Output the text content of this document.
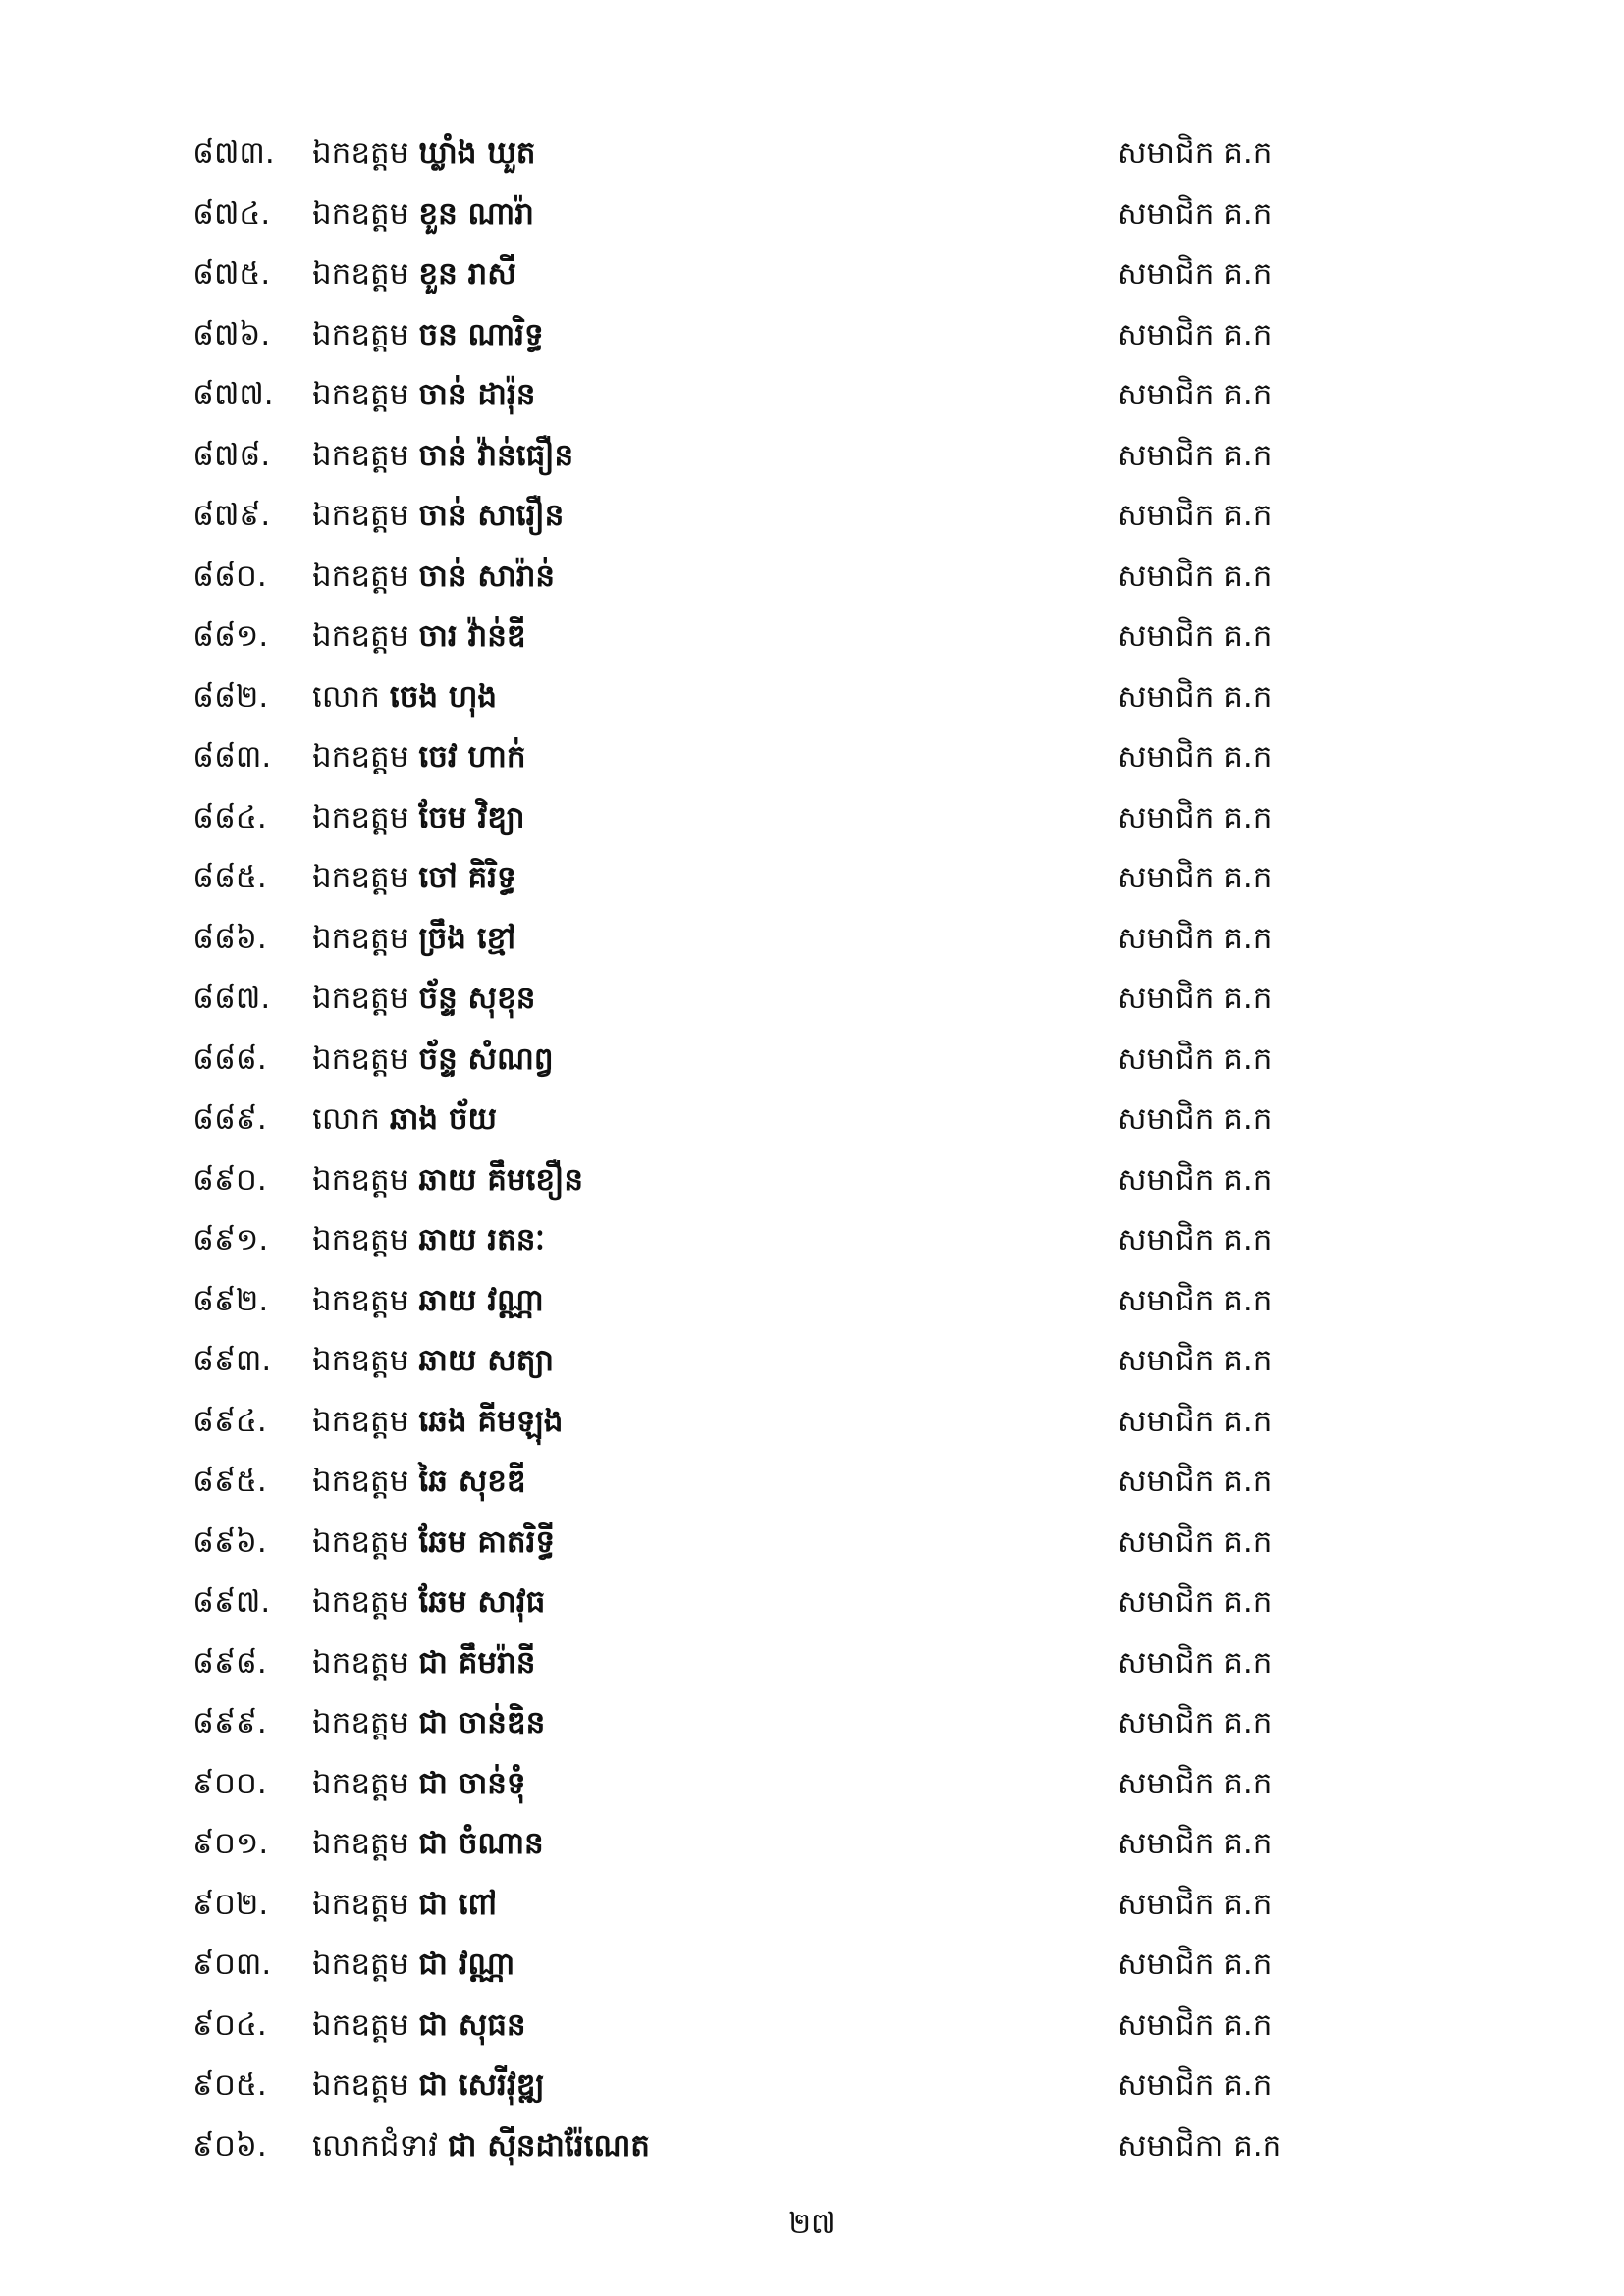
៨៧៣. ឯកឧត្តម ឃ្លាំង ឃួត	សមាជិក គ.ក
៨៧៤. ឯកឧត្តម ខួន ណារ៉ា	សមាជិក គ.ក
៨៧៥. ឯកឧត្តម ខួន រាសី	សមាជិក គ.ក
៨៧៦. ឯកឧត្តម ចន ណារិទ្ធ	សមាជិក គ.ក
៨៧៧. ឯកឧត្តម ចាន់ ដារ៉ុន	សមាជិក គ.ក
៨៧៨. ឯកឧត្តម ចាន់ វ៉ាន់ធឿន	សមាជិក គ.ក
៨៧៩. ឯកឧត្តម ចាន់ សារឿន	សមាជិក គ.ក
៨៨០. ឯកឧត្តម ចាន់ សារ៉ាន់	សមាជិក គ.ក
៨៨១. ឯកឧត្តម ចារ វ៉ាន់ឌី	សមាជិក គ.ក
៨៨២. លោក ចេង ហុង	សមាជិក គ.ក
៨៨៣. ឯកឧត្តម ចេវ ហាក់	សមាជិក គ.ក
៨៨៤. ឯកឧត្តម ចែម វិឌ្យា	សមាជិក គ.ក
៨៨៥. ឯកឧត្តម ចៅ គិរិទ្ធ	សមាជិក គ.ក
៨៨៦. ឯកឧត្តម ច្រឹង ខ្មៅ	សមាជិក គ.ក
៨៨៧. ឯកឧត្តម ច័ន្ទ សុខុន	សមាជិក គ.ក
៨៨៨. ឯកឧត្តម ច័ន្ទ សំណព្វ	សមាជិក គ.ក
៨៨៩. លោក ឆាង ច័យ	សមាជិក គ.ក
៨៩០. ឯកឧត្តម ឆាយ គឹមខឿន	សមាជិក គ.ក
៨៩១. ឯកឧត្តម ឆាយ រតនៈ	សមាជិក គ.ក
៨៩២. ឯកឧត្តម ឆាយ វណ្ណា	សមាជិក គ.ក
៨៩៣. ឯកឧត្តម ឆាយ សត្យា	សមាជិក គ.ក
៨៩៤. ឯកឧត្តម ឆេង គីមឡុង	សមាជិក គ.ក
៨៩៥. ឯកឧត្តម ឆៃ សុខឌី	សមាជិក គ.ក
៨៩៦. ឯកឧត្តម ឆែម គាតរិទ្ធី	សមាជិក គ.ក
៨៩៧. ឯកឧត្តម ឆែម សាវុធ	សមាជិក គ.ក
៨៩៨. ឯកឧត្តម ជា គឹមរ៉ានី	សមាជិក គ.ក
៨៩៩. ឯកឧត្តម ជា ចាន់ឌិន	សមាជិក គ.ក
៩០០. ឯកឧត្តម ជា ចាន់ទុំ	សមាជិក គ.ក
៩០១. ឯកឧត្តម ជា ចំណាន	សមាជិក គ.ក
៩០២. ឯកឧត្តម ជា ពៅ	សមាជិក គ.ក
៩០៣. ឯកឧត្តម ជា វណ្ណា	សមាជិក គ.ក
៩០៤. ឯកឧត្តម ជា សុធន	សមាជិក គ.ក
៩០៥. ឯកឧត្តម ជា សេរីវុឌ្ឍ	សមាជិក គ.ក
៩០៦. លោកជំទាវ ជា ស៊ីនដារ៉ែណេត	សមាជិកា គ.ក
២៧
